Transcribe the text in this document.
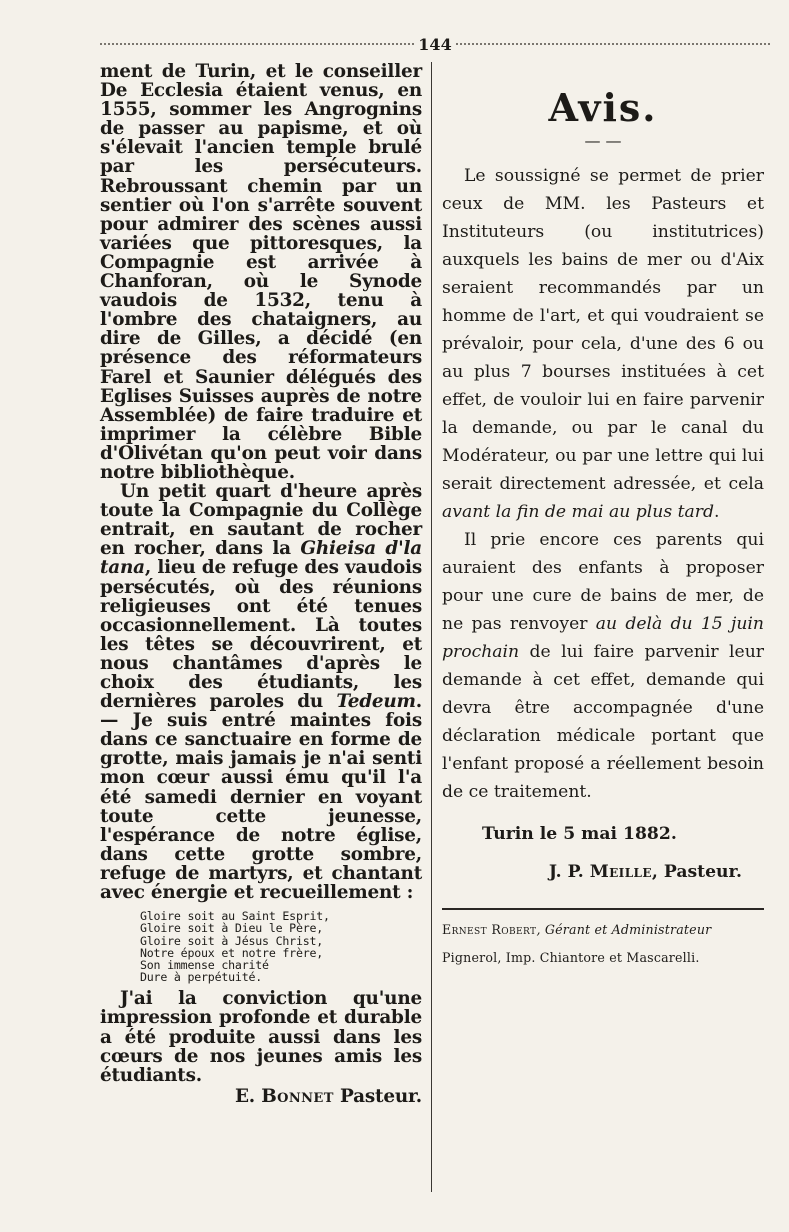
144

ment de Turin, et le conseiller De Ecclesia étaient venus, en 1555, sommer les Angrognins de passer au papisme, et où s'élevait l'ancien temple brulé par les persécuteurs. Rebroussant chemin par un sentier où l'on s'arrête souvent pour admirer des scènes aussi variées que pittoresques, la Compagnie est arrivée à Chanforan, où le Synode vaudois de 1532, tenu à l'ombre des chataigners, au dire de Gilles, a décidé (en présence des réformateurs Farel et Saunier délégués des Eglises Suisses auprès de notre Assemblée) de faire traduire et imprimer la célèbre Bible d'Olivétan qu'on peut voir dans notre bibliothèque.

Un petit quart d'heure après toute la Compagnie du Collège entrait, en sautant de rocher en rocher, dans la Ghieisa d'la tana, lieu de refuge des vaudois persécutés, où des réunions religieuses ont été tenues occasionnellement. Là toutes les têtes se découvrirent, et nous chantâmes d'après le choix des étudiants, les dernières paroles du Tedeum. — Je suis entré maintes fois dans ce sanctuaire en forme de grotte, mais jamais je n'ai senti mon cœur aussi ému qu'il l'a été samedi dernier en voyant toute cette jeunesse, l'espérance de notre église, dans cette grotte sombre, refuge de martyrs, et chantant avec énergie et recueillement :

Gloire soit au Saint Esprit,
Gloire soit à Dieu le Père,
Gloire soit à Jésus Christ,
Notre époux et notre frère,
Son immense charité
Dure à perpétuité.

J'ai la conviction qu'une impression profonde et durable a été produite aussi dans les cœurs de nos jeunes amis les étudiants.

E. Bonnet Pasteur.
Avis.
— —

Le soussigné se permet de prier ceux de MM. les Pasteurs et Instituteurs (ou institutrices) auxquels les bains de mer ou d'Aix seraient recommandés par un homme de l'art, et qui voudraient se prévaloir, pour cela, d'une des 6 ou au plus 7 bourses instituées à cet effet, de vouloir lui en faire parvenir la demande, ou par le canal du Modérateur, ou par une lettre qui lui serait directement adressée, et cela avant la fin de mai au plus tard.

Il prie encore ces parents qui auraient des enfants à proposer pour une cure de bains de mer, de ne pas renvoyer au delà du 15 juin prochain de lui faire parvenir leur demande à cet effet, demande qui devra être accompagnée d'une déclaration médicale portant que l'enfant proposé a réellement besoin de ce traitement.

Turin le 5 mai 1882.

J. P. Meille, Pasteur.

Ernest Robert, Gérant et Administrateur

Pignerol, Imp. Chiantore et Mascarelli.
